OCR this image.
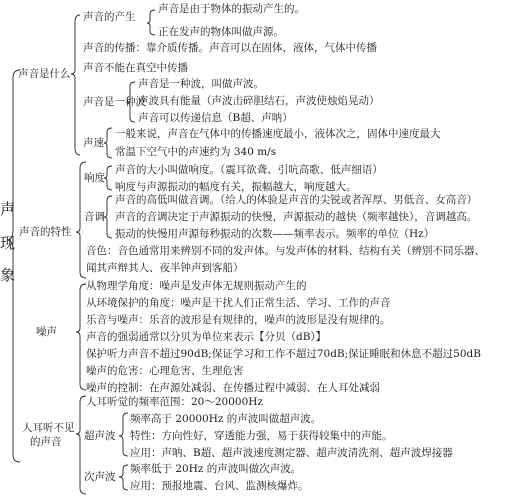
声
现
象
声音是什么
声音的产生
声音是由于物体的振动产生的。
正在发声的物体叫做声源。
声音的传播：靠介质传播。声音可以在固体，液体，气体中传播
声音不能在真空中传播
声音是一种波
声音是一种波，叫做声波。
声波具有能量（声波击碎胆结石，声波使烛焰晃动）
声音可以传递信息（B超、声呐）
声速
一般来说，声音在气体中的传播速度最小，液体次之，固体中速度最大
常温下空气中的声速约为 340 m/s
声音的特性
响度
声音的大小叫做响度。（震耳欲聋、引吭高歌、低声细语）
响度与声源振动的幅度有关，振幅越大，响度越大。
音调
声音的高低叫做音调。（给人的体验是声音的尖锐或者浑厚、男低音、女高音）
声音的音调决定于声源振动的快慢，声源振动的越快（频率越快），音调越高。
振动的快慢用声源每秒振动的次数——频率表示。频率的单位（Hz）
音色：音色通常用来辨别不同的发声体。与发声体的材料、结构有关（辨别不同乐器、
闻其声辩其人、夜半钟声到客船）
噪声
从物理学角度：噪声是发声体无规则振动产生的
从环境保护的角度：噪声是干扰人们正常生活、学习、工作的声音
乐音与噪声：乐音的波形是有规律的，噪声的波形是没有规律的。
声音的强弱通常以分贝为单位来表示【分贝（dB）】
保护听力声音不超过90dB;保证学习和工作不超过70dB;保证睡眠和休息不超过50dB
噪声的危害：心理危害、生理危害
噪声的控制：在声源处减弱、在传播过程中减弱、在人耳处减弱
人耳听不见
的声音
人耳听觉的频率范围：20～20000Hz
超声波
频率高于 20000Hz 的声波叫做超声波。
特性：方向性好，穿透能力强，易于获得较集中的声能。
应用：声呐、B超、超声波速度测定器、超声波清洗剂、超声波焊接器
次声波
频率低于 20Hz 的声波叫做次声波。
应用：预报地震、台风、监测核爆炸。
